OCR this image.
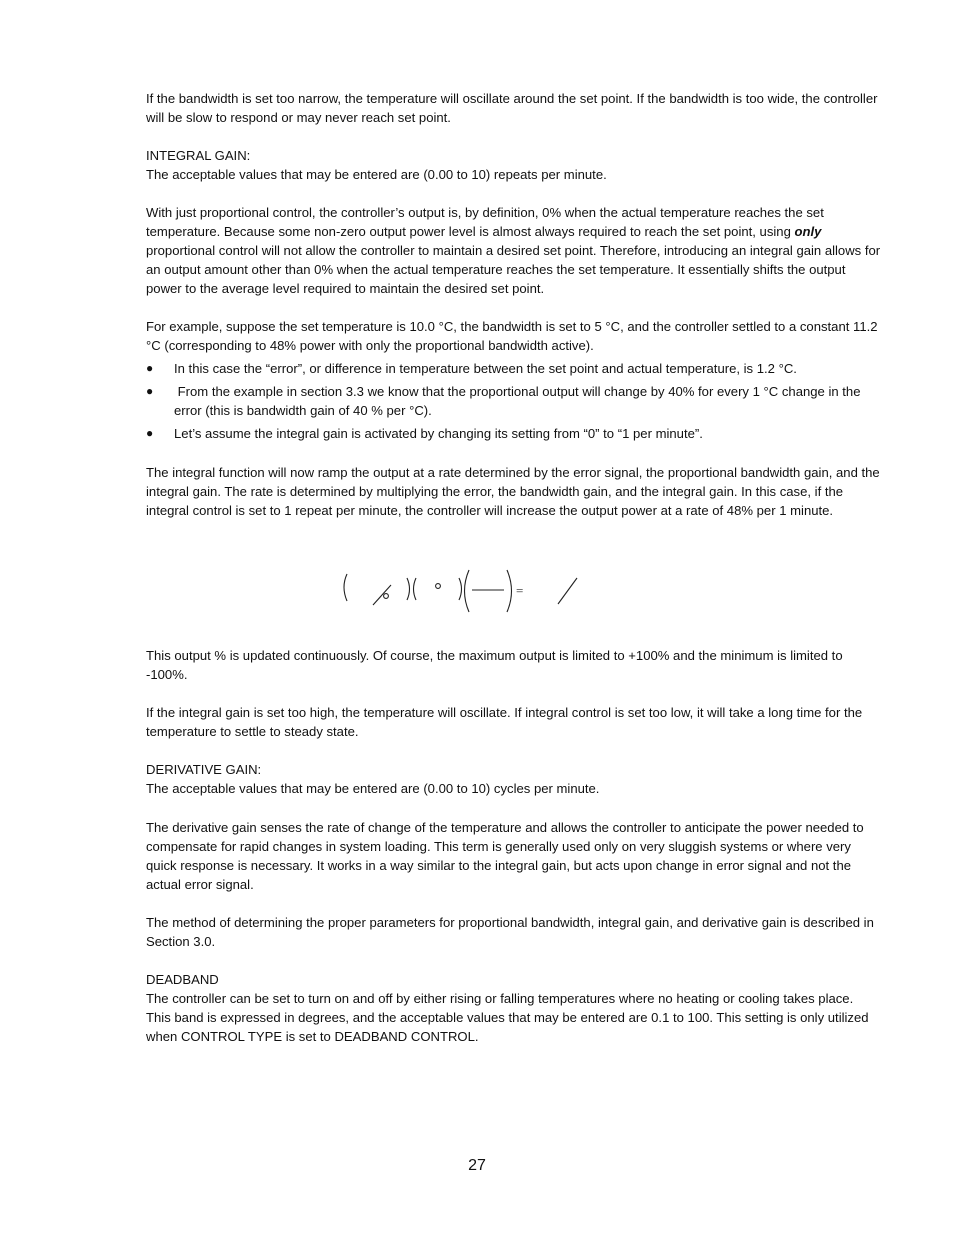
If the bandwidth is set too narrow, the temperature will oscillate around the set point. If the bandwidth is too wide, the controller will be slow to respond or may never reach set point.

INTEGRAL GAIN:

The acceptable values that may be entered are (0.00 to 10) repeats per minute.

With just proportional control, the controller’s output is, by definition, 0% when the actual temperature reaches the set temperature. Because some non-zero output power level is almost always required to reach the set point, using only proportional control will not allow the controller to maintain a desired set point. Therefore, introducing an integral gain allows for an output amount other than 0% when the actual temperature reaches the set temperature. It essentially shifts the output power to the average level required to maintain the desired set point.

For example, suppose the set temperature is 10.0 °C, the bandwidth is set to 5 °C, and the controller settled to a constant 11.2 °C (corresponding to 48% power with only the proportional bandwidth active).

● In this case the “error”, or difference in temperature between the set point and actual temperature, is 1.2 °C.
● From the example in section 3.3 we know that the proportional output will change by 40% for every 1 °C change in the error (this is bandwidth gain of 40 % per °C).
● Let’s assume the integral gain is activated by changing its setting from “0” to “1 per minute”.

The integral function will now ramp the output at a rate determined by the error signal, the proportional bandwidth gain, and the integral gain. The rate is determined by multiplying the error, the bandwidth gain, and the integral gain. In this case, if the integral control is set to 1 repeat per minute, the controller will increase the output power at a rate of 48% per 1 minute.

=

This output % is updated continuously. Of course, the maximum output is limited to +100% and the minimum is limited to -100%.

If the integral gain is set too high, the temperature will oscillate. If integral control is set too low, it will take a long time for the temperature to settle to steady state.

DERIVATIVE GAIN:

The acceptable values that may be entered are (0.00 to 10) cycles per minute.

The derivative gain senses the rate of change of the temperature and allows the controller to anticipate the power needed to compensate for rapid changes in system loading. This term is generally used only on very sluggish systems or where very quick response is necessary. It works in a way similar to the integral gain, but acts upon change in error signal and not the actual error signal.

The method of determining the proper parameters for proportional bandwidth, integral gain, and derivative gain is described in Section 3.0.

DEADBAND

The controller can be set to turn on and off by either rising or falling temperatures where no heating or cooling takes place. This band is expressed in degrees, and the acceptable values that may be entered are 0.1 to 100. This setting is only utilized when CONTROL TYPE is set to DEADBAND CONTROL.

27
